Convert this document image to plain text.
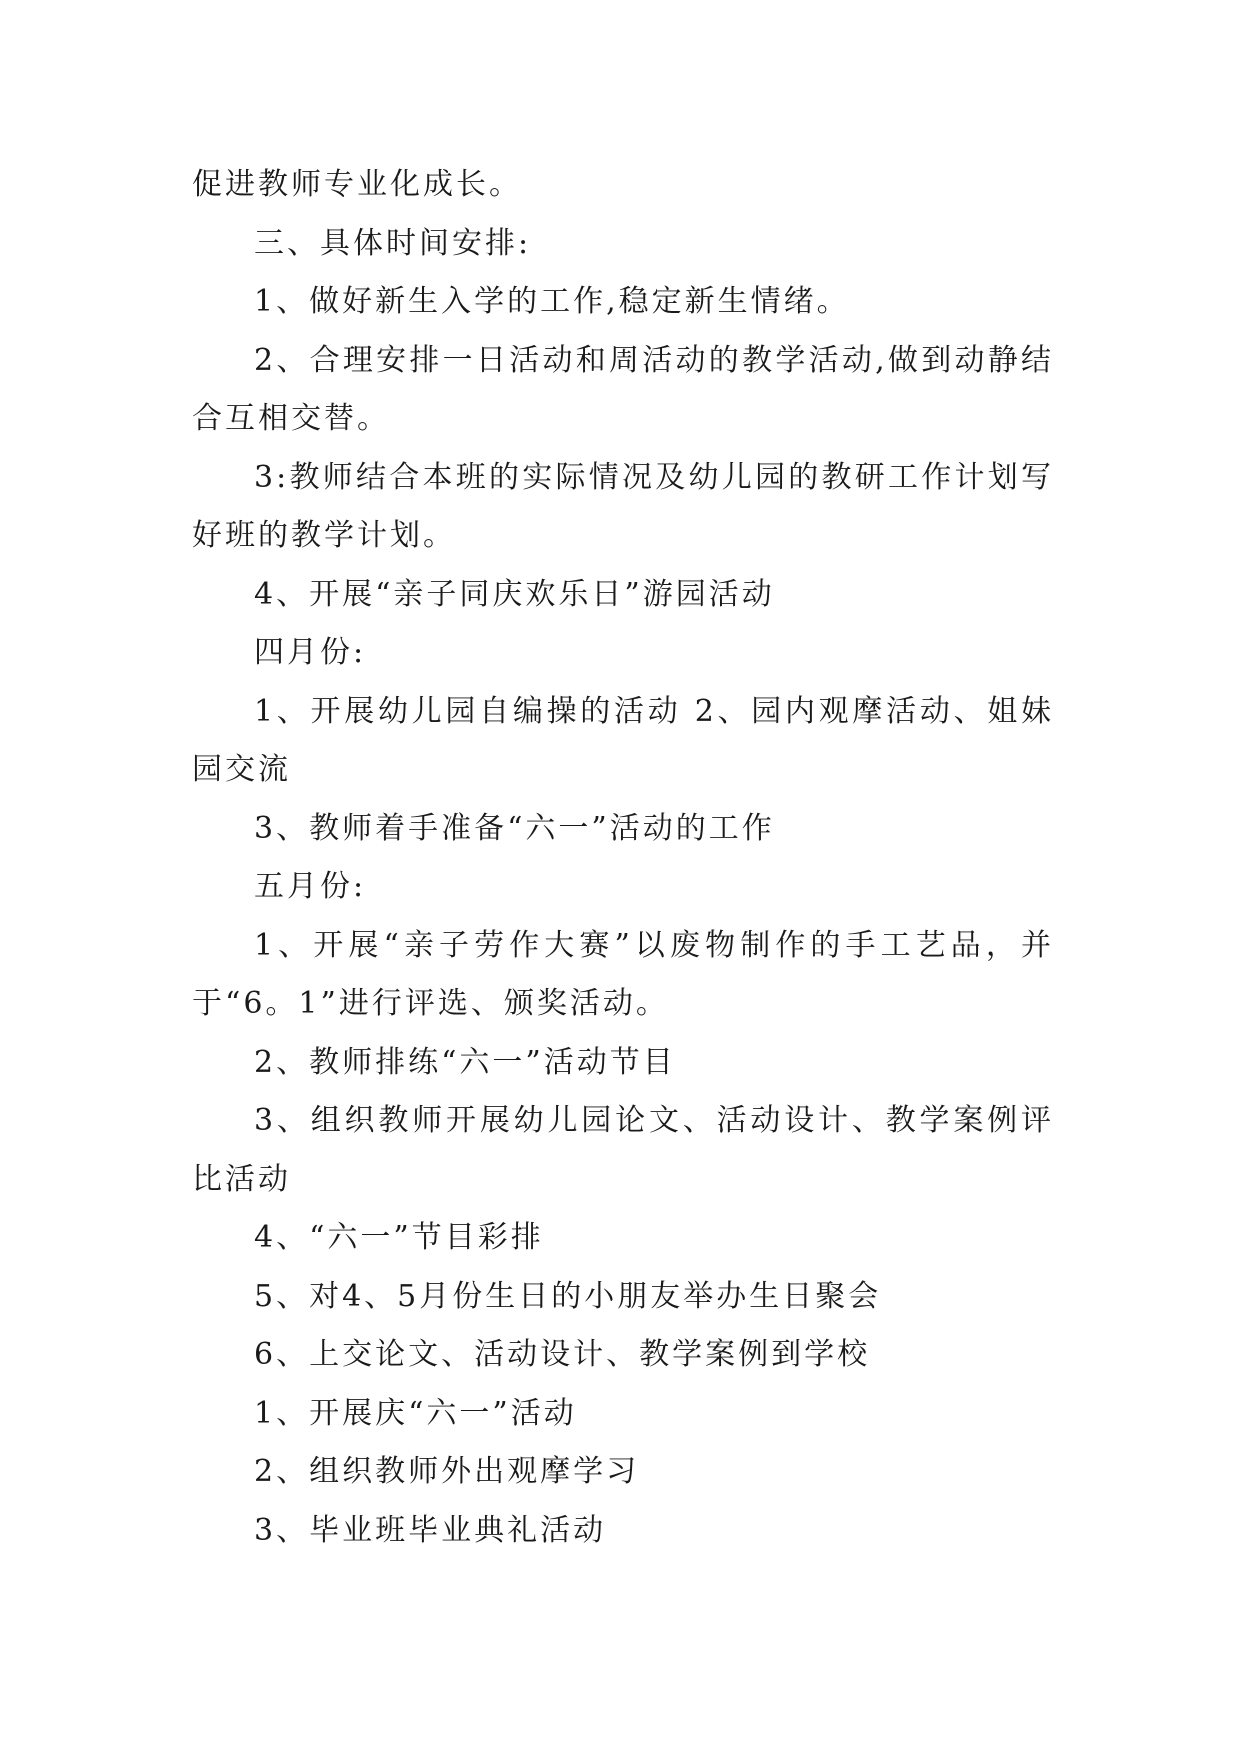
促进教师专业化成长。

三、具体时间安排:

1、做好新生入学的工作,稳定新生情绪。

2、合理安排一日活动和周活动的教学活动,做到动静结合互相交替。

3:教师结合本班的实际情况及幼儿园的教研工作计划写好班的教学计划。

4、开展“亲子同庆欢乐日”游园活动

四月份:

1、开展幼儿园自编操的活动 2、园内观摩活动、姐妹园交流

3、教师着手准备“六一”活动的工作

五月份:

1、开展“亲子劳作大赛”以废物制作的手工艺品，并于“6。1”进行评选、颁奖活动。

2、教师排练“六一”活动节目

3、组织教师开展幼儿园论文、活动设计、教学案例评比活动

4、“六一”节目彩排

5、对4、5月份生日的小朋友举办生日聚会

6、上交论文、活动设计、教学案例到学校

1、开展庆“六一”活动

2、组织教师外出观摩学习

3、毕业班毕业典礼活动
